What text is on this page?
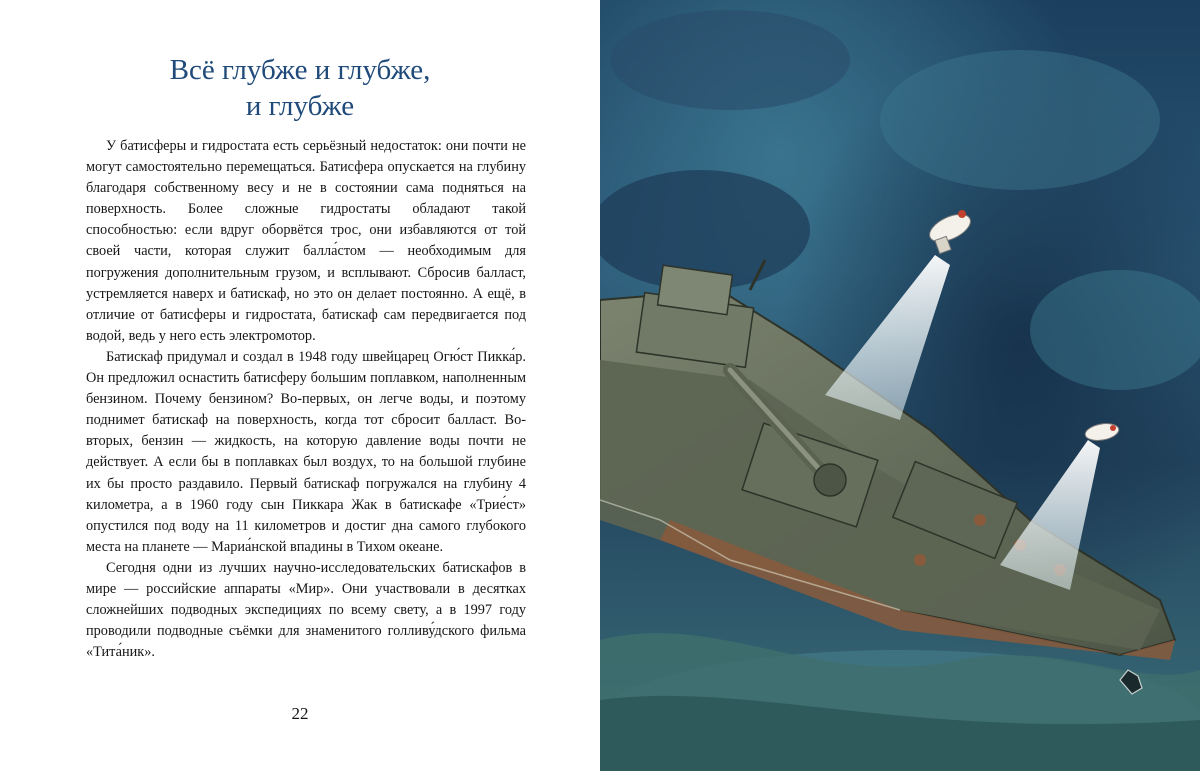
Всё глубже и глубже,
и глубже

У батисферы и гидростата есть серьёзный недостаток: они почти не могут самостоятельно перемещаться. Батисфера опускается на глубину благодаря собственному весу и не в состоянии сама подняться на поверхность. Более сложные гидростаты обладают такой способностью: если вдруг оборвётся трос, они избавляются от той своей части, которая служит балла́стом — необходимым для погружения дополнительным грузом, и всплывают. Сбросив балласт, устремляется наверх и батискаф, но это он делает постоянно. А ещё, в отличие от батисферы и гидростата, батискаф сам передвигается под водой, ведь у него есть электромотор.

Батискаф придумал и создал в 1948 году швейцарец Огю́ст Пикка́р. Он предложил оснастить батисферу большим поплавком, наполненным бензином. Почему бензином? Во-первых, он легче воды, и поэтому поднимет батискаф на поверхность, когда тот сбросит балласт. Во-вторых, бензин — жидкость, на которую давление воды почти не действует. А если бы в поплавках был воздух, то на большой глубине их бы просто раздавило. Первый батискаф погружался на глубину 4 километра, а в 1960 году сын Пиккара Жак в батискафе «Трие́ст» опустился под воду на 11 километров и достиг дна самого глубокого места на планете — Мариа́нской впадины в Тихом океане.

Сегодня одни из лучших научно-исследовательских батискафов в мире — российские аппараты «Мир». Они участвовали в десятках сложнейших подводных экспедициях по всему свету, а в 1997 году проводили подводные съёмки для знаменитого голливу́дского фильма «Тита́ник».

22
